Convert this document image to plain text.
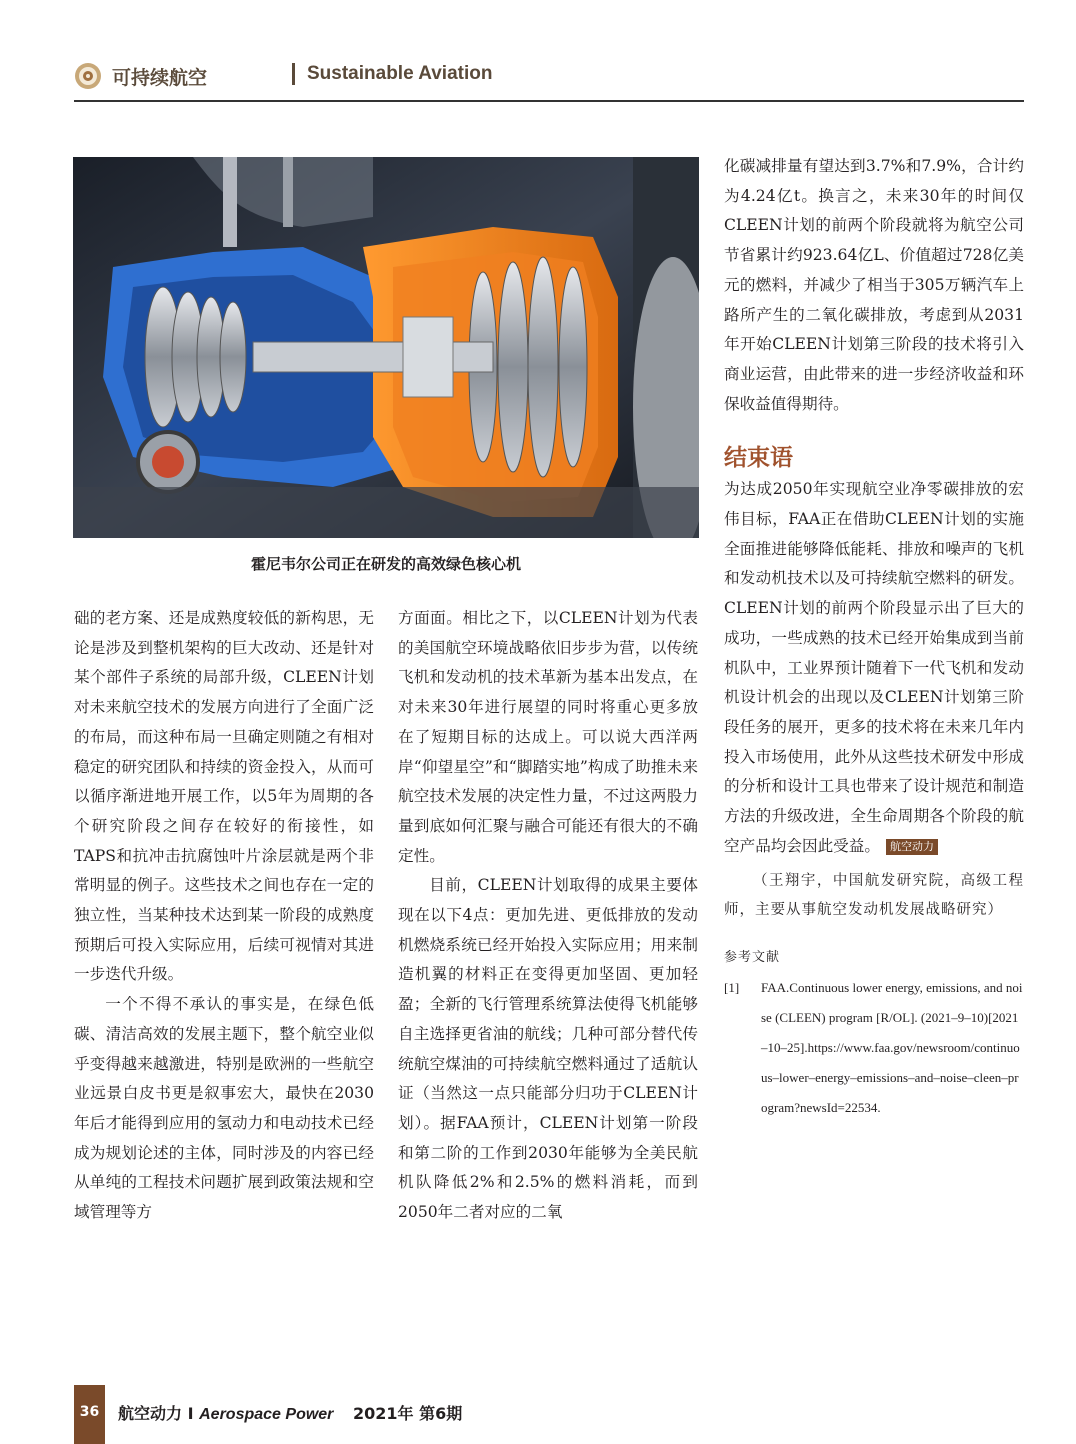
可持续航空	Sustainable Aviation
霍尼韦尔公司正在研发的高效绿色核心机

础的老方案、还是成熟度较低的新构思，无论是涉及到整机架构的巨大改动、还是针对某个部件子系统的局部升级，CLEEN计划对未来航空技术的发展方向进行了全面广泛的布局，而这种布局一旦确定则随之有相对稳定的研究团队和持续的资金投入，从而可以循序渐进地开展工作，以5年为周期的各个研究阶段之间存在较好的衔接性，如TAPS和抗冲击抗腐蚀叶片涂层就是两个非常明显的例子。这些技术之间也存在一定的独立性，当某种技术达到某一阶段的成熟度预期后可投入实际应用，后续可视情对其进一步迭代升级。

一个不得不承认的事实是，在绿色低碳、清洁高效的发展主题下，整个航空业似乎变得越来越激进，特别是欧洲的一些航空业远景白皮书更是叙事宏大，最快在2030年后才能得到应用的氢动力和电动技术已经成为规划论述的主体，同时涉及的内容已经从单纯的工程技术问题扩展到政策法规和空域管理等方

方面面。相比之下，以CLEEN计划为代表的美国航空环境战略依旧步步为营，以传统飞机和发动机的技术革新为基本出发点，在对未来30年进行展望的同时将重心更多放在了短期目标的达成上。可以说大西洋两岸“仰望星空”和“脚踏实地”构成了助推未来航空技术发展的决定性力量，不过这两股力量到底如何汇聚与融合可能还有很大的不确定性。

目前，CLEEN计划取得的成果主要体现在以下4点：更加先进、更低排放的发动机燃烧系统已经开始投入实际应用；用来制造机翼的材料正在变得更加坚固、更加轻盈；全新的飞行管理系统算法使得飞机能够自主选择更省油的航线；几种可部分替代传统航空煤油的可持续航空燃料通过了适航认证（当然这一点只能部分归功于CLEEN计划）。据FAA预计，CLEEN计划第一阶段和第二阶的工作到2030年能够为全美民航机队降低2%和2.5%的燃料消耗，而到2050年二者对应的二氧

化碳减排量有望达到3.7%和7.9%，合计约为4.24亿t。换言之，未来30年的时间仅CLEEN计划的前两个阶段就将为航空公司节省累计约923.64亿L、价值超过728亿美元的燃料，并减少了相当于305万辆汽车上路所产生的二氧化碳排放，考虑到从2031年开始CLEEN计划第三阶段的技术将引入商业运营，由此带来的进一步经济收益和环保收益值得期待。

结束语

为达成2050年实现航空业净零碳排放的宏伟目标，FAA正在借助CLEEN计划的实施全面推进能够降低能耗、排放和噪声的飞机和发动机技术以及可持续航空燃料的研发。CLEEN计划的前两个阶段显示出了巨大的成功，一些成熟的技术已经开始集成到当前机队中，工业界预计随着下一代飞机和发动机设计机会的出现以及CLEEN计划第三阶段任务的展开，更多的技术将在未来几年内投入市场使用，此外从这些技术研发中形成的分析和设计工具也带来了设计规范和制造方法的升级改进，全生命周期各个阶段的航空产品均会因此受益。 航空动力

（王翔宇，中国航发研究院，高级工程师，主要从事航空发动机发展战略研究）

参考文献

[1] FAA.Continuous lower energy, emissions, and noise (CLEEN) program [R/OL]. (2021–9–10)[2021–10–25].https://www.faa.gov/newsroom/continuous–lower–energy–emissions–and–noise–cleen–program?newsId=22534.
36	航空动力 I Aerospace Power 2021年 第6期
